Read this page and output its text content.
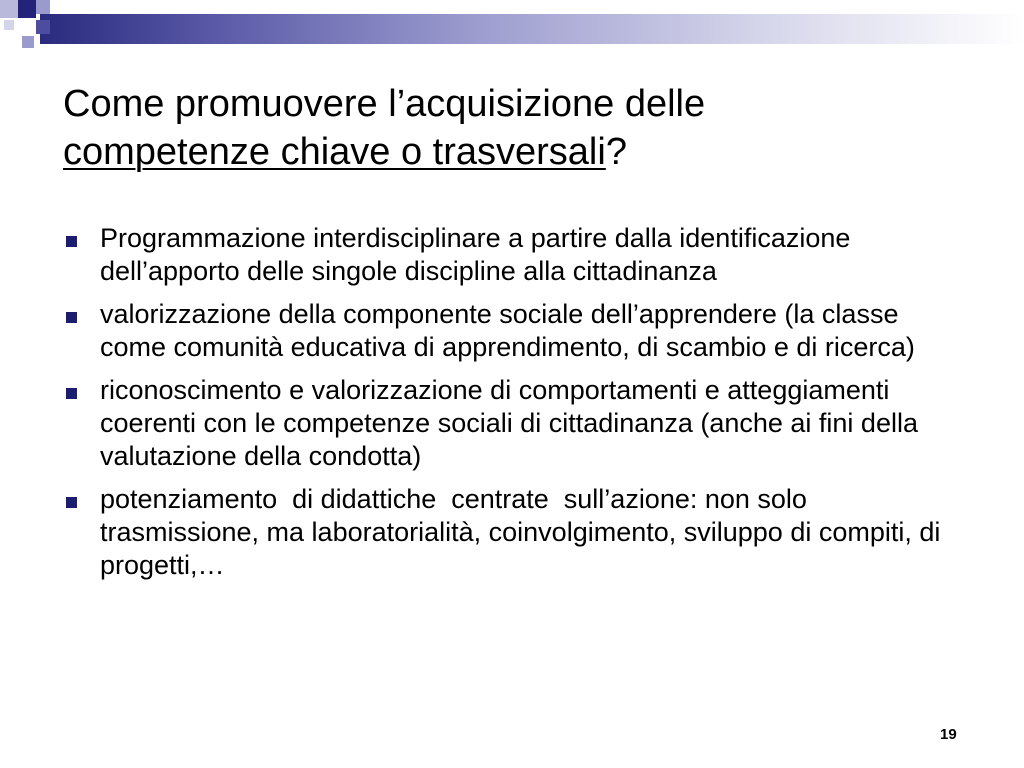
Come promuovere l’acquisizione delle
competenze chiave o trasversali?
Programmazione interdisciplinare a partire dalla identificazione dell’apporto delle singole discipline alla cittadinanza
valorizzazione della componente sociale dell’apprendere (la classe come comunità educativa di apprendimento, di scambio e di ricerca)
riconoscimento e valorizzazione di comportamenti e atteggiamenti coerenti con le competenze sociali di cittadinanza (anche ai fini della valutazione della condotta)
potenziamento  di didattiche  centrate  sull’azione: non solo trasmissione, ma laboratorialità, coinvolgimento, sviluppo di compiti, di progetti,…
19
